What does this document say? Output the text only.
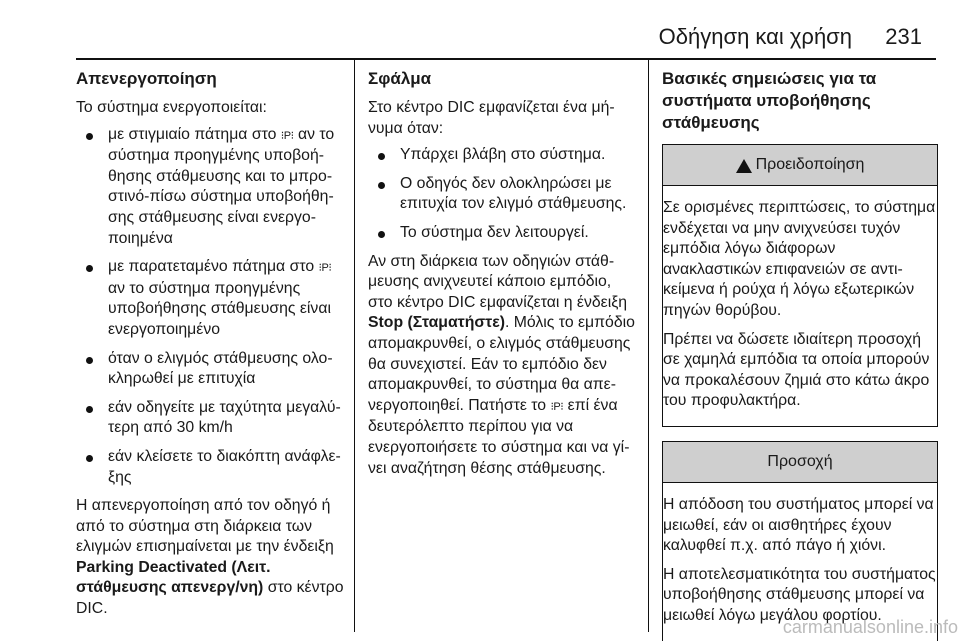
Οδήγηση και χρήση 231
Απενεργοποίηση

Το σύστημα ενεργοποιείται:

με στιγμιαίο πάτημα στο ⁝P⁝ αν το σύστημα προηγμένης υποβοήθησης στάθμευσης και το μπροστινό-πίσω σύστημα υποβοήθησης στάθμευσης είναι ενεργοποιημένα
με παρατεταμένο πάτημα στο ⁝P⁝ αν το σύστημα προηγμένης υποβοήθησης στάθμευσης είναι ενεργοποιημένο
όταν ο ελιγμός στάθμευσης ολοκληρωθεί με επιτυχία
εάν οδηγείτε με ταχύτητα μεγαλύτερη από 30 km/h
εάν κλείσετε το διακόπτη ανάφλεξης

Η απενεργοποίηση από τον οδηγό ή από το σύστημα στη διάρκεια των ελιγμών επισημαίνεται με την ένδειξη Parking Deactivated (Λειτ. στάθμευσης απενεργ/νη) στο κέντρο DIC.

Σφάλμα

Στο κέντρο DIC εμφανίζεται ένα μήνυμα όταν:

Υπάρχει βλάβη στο σύστημα.
Ο οδηγός δεν ολοκληρώσει με επιτυχία τον ελιγμό στάθμευσης.
Το σύστημα δεν λειτουργεί.

Αν στη διάρκεια των οδηγιών στάθμευσης ανιχνευτεί κάποιο εμπόδιο, στο κέντρο DIC εμφανίζεται η ένδειξη Stop (Σταματήστε). Μόλις το εμπόδιο απομακρυνθεί, ο ελιγμός στάθμευσης θα συνεχιστεί. Εάν το εμπόδιο δεν απομακρυνθεί, το σύστημα θα απενεργοποιηθεί. Πατήστε το ⁝P⁝ επί ένα δευτερόλεπτο περίπου για να ενεργοποιήσετε το σύστημα και να γίνει αναζήτηση θέσης στάθμευσης.

Βασικές σημειώσεις για τα συστήματα υποβοήθησης στάθμευσης
Προειδοποίηση

Σε ορισμένες περιπτώσεις, το σύστημα ενδέχεται να μην ανιχνεύσει τυχόν εμπόδια λόγω διάφορων ανακλαστικών επιφανειών σε αντικείμενα ή ρούχα ή λόγω εξωτερικών πηγών θορύβου.

Πρέπει να δώσετε ιδιαίτερη προσοχή σε χαμηλά εμπόδια τα οποία μπορούν να προκαλέσουν ζημιά στο κάτω άκρο του προφυλακτήρα.

Προσοχή

Η απόδοση του συστήματος μπορεί να μειωθεί, εάν οι αισθητήρες έχουν καλυφθεί π.χ. από πάγο ή χιόνι.

Η αποτελεσματικότητα του συστήματος υποβοήθησης στάθμευσης μπορεί να μειωθεί λόγω μεγάλου φορτίου.

carmanualsonline.info
